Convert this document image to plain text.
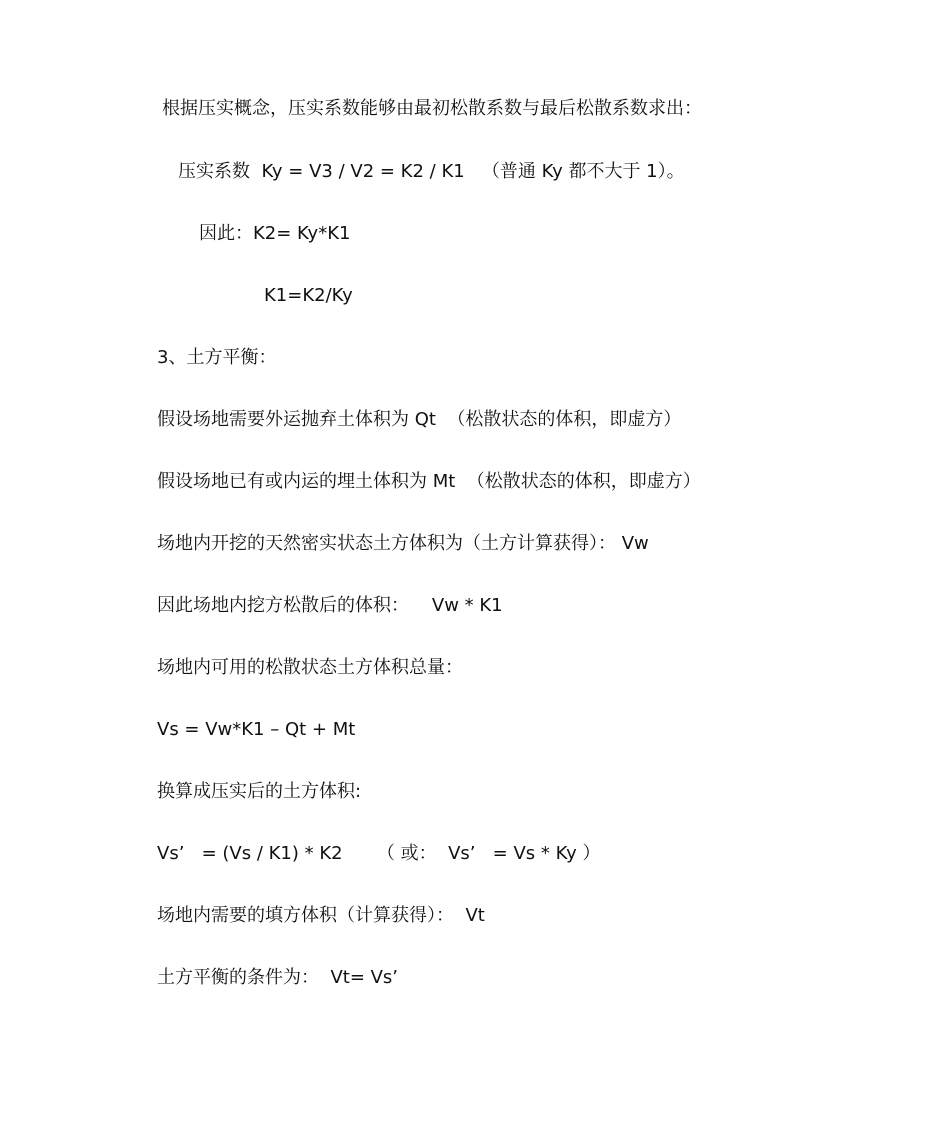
根据压实概念，压实系数能够由最初松散系数与最后松散系数求出：
压实系数  Ky = V3 / V2 = K2 / K1   （普通 Ky 都不大于 1）。
因此：K2= Ky*K1
K1=K2/Ky
3、土方平衡：
假设场地需要外运抛弃土体积为 Qt  （松散状态的体积，即虚方）
假设场地已有或内运的埋土体积为 Mt  （松散状态的体积，即虚方）
场地内开挖的天然密实状态土方体积为（土方计算获得）： Vw
因此场地内挖方松散后的体积：    Vw * K1
场地内可用的松散状态土方体积总量：
Vs = Vw*K1 – Qt + Mt
换算成压实后的土方体积:
Vs’   = (Vs / K1) * K2      （ 或：  Vs’   = Vs * Ky ）
场地内需要的填方体积（计算获得）：  Vt
土方平衡的条件为：  Vt= Vs’
